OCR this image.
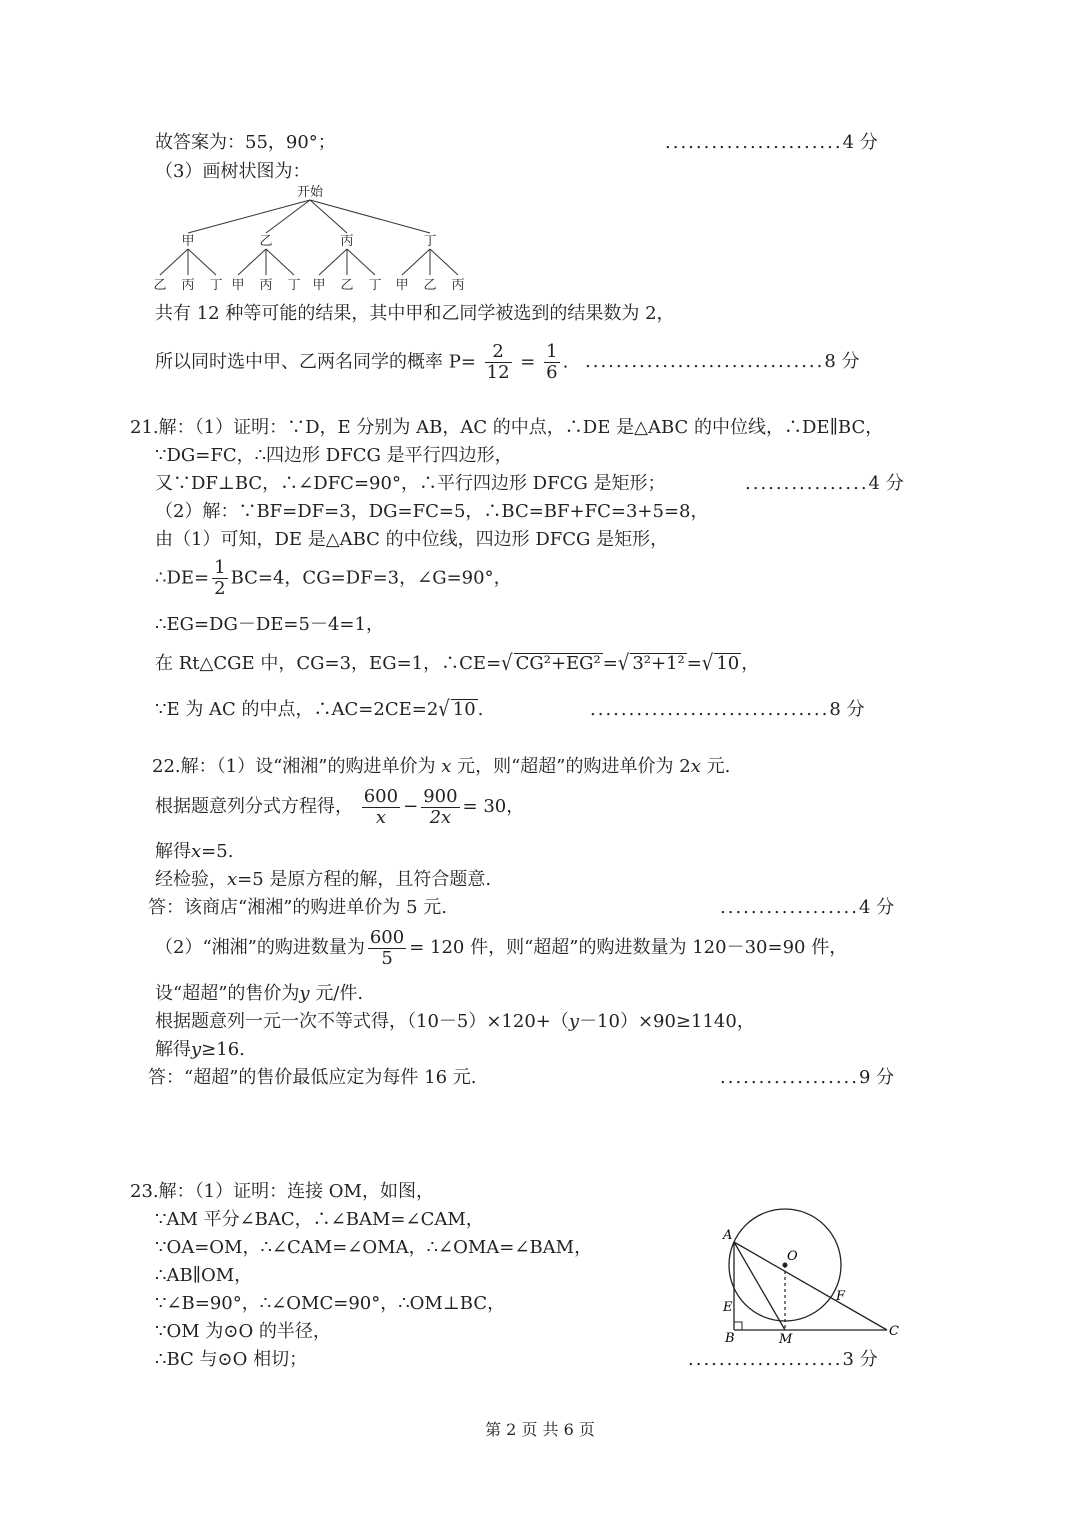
故答案为：55，90°；	.......................4 分
（3）画树状图为：
开始
甲
乙 丙 丁
乙
甲 丙 丁
丙
甲 乙 丁
丁
甲 乙 丙
共有 12 种等可能的结果，其中甲和乙同学被选到的结果数为 2，
所以同时选中甲、乙两名同学的概率 $P= \frac{2}{12} = \frac{1}{6}$ . ...............................8 分
21.解：（1）证明：∵D，E 分别为 AB，AC 的中点，∴DE 是△ABC 的中位线，∴DE∥BC，
∵DG=FC，∴四边形 DFCG 是平行四边形，
又∵DF⊥BC，∴∠DFC=90°，∴平行四边形 DFCG 是矩形；	................4 分
（2）解：∵BF=DF=3，DG=FC=5，∴BC=BF+FC=3+5=8，
由（1）可知，DE 是△ABC 的中位线，四边形 DFCG 是矩形，
∴DE= $\frac{1}{2} BC=4$，CG=DF=3，∠G=90°，
∴EG=DG－DE=5－4=1，
在 Rt△CGE 中，CG=3，EG=1，∴CE=√ CG²+EG² =√ 3²+1² =√ 10 ，
∵E 为 AC 的中点，∴AC=2CE=2√ 10 .	...............................8 分
22.解：（1）设“湘湘”的购进单价为 x 元，则“超超”的购进单价为 2x 元.
根据题意列分式方程得， $\frac{600}{x} - \frac{900}{2x} = 30$，
解得x=5.
经检验，x=5 是原方程的解，且符合题意.
答：该商店“湘湘”的购进单价为 5 元.	..................4 分
（2）“湘湘”的购进数量为 $\frac{600}{5} = 120$ 件，则“超超”的购进数量为 120－30=90 件，
设“超超”的售价为y 元/件.
根据题意列一元一次不等式得，（10－5）×120+（y－10）×90≥1140，
解得y≥16.
答：“超超”的售价最低应定为每件 16 元.	..................9 分
23.解：（1）证明：连接 OM，如图，
∵AM 平分∠BAC，∴∠BAM=∠CAM，
∵OA=OM，∴∠CAM=∠OMA，∴∠OMA=∠BAM，
∴AB∥OM，
∵∠B=90°，∴∠OMC=90°，∴OM⊥BC，
∵OM 为⊙O 的半径，
∴BC 与⊙O 相切；	....................3 分
A
O
E
F
B	M
C
第 2 页 共 6 页
